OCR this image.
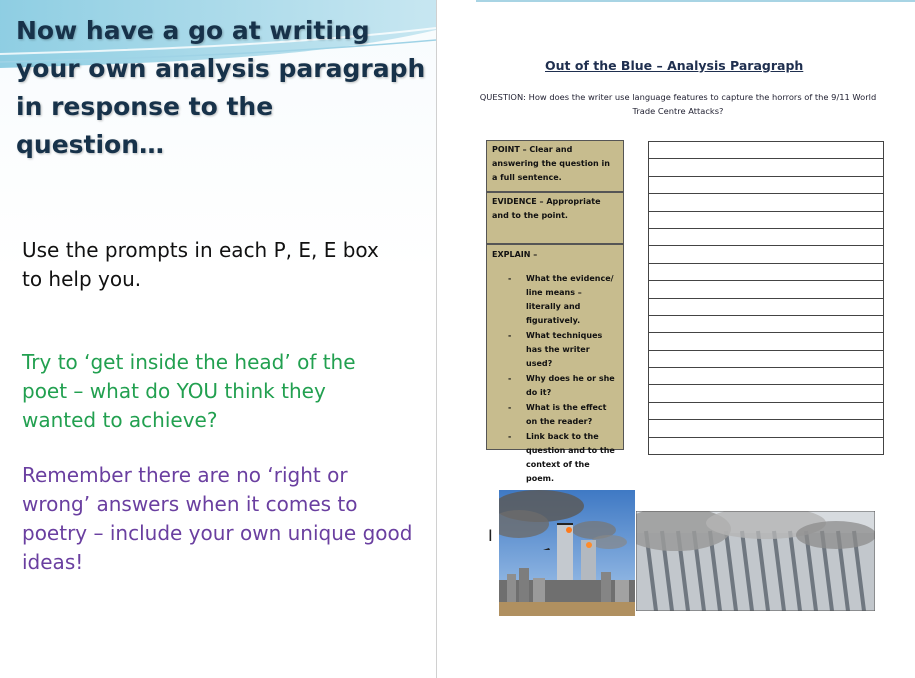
Now have a go at writing your own analysis paragraph in response to the question…

Use the prompts in each P, E, E box to help you.

Try to ‘get inside the head’ of the poet – what do YOU think they wanted to achieve?

Remember there are no ‘right or wrong’ answers when it comes to poetry – include your own unique good ideas!

Out of the Blue – Analysis Paragraph

QUESTION: How does the writer use language features to capture the horrors of the 9/11 World Trade Centre Attacks?

POINT – Clear and answering the question in a full sentence.
EVIDENCE – Appropriate and to the point.
EXPLAIN –
- What the evidence/ line means – literally and figuratively.
- What techniques has the writer used?
- Why does he or she do it?
- What is the effect on the reader?
- Link back to the question and to the context of the poem.
I
